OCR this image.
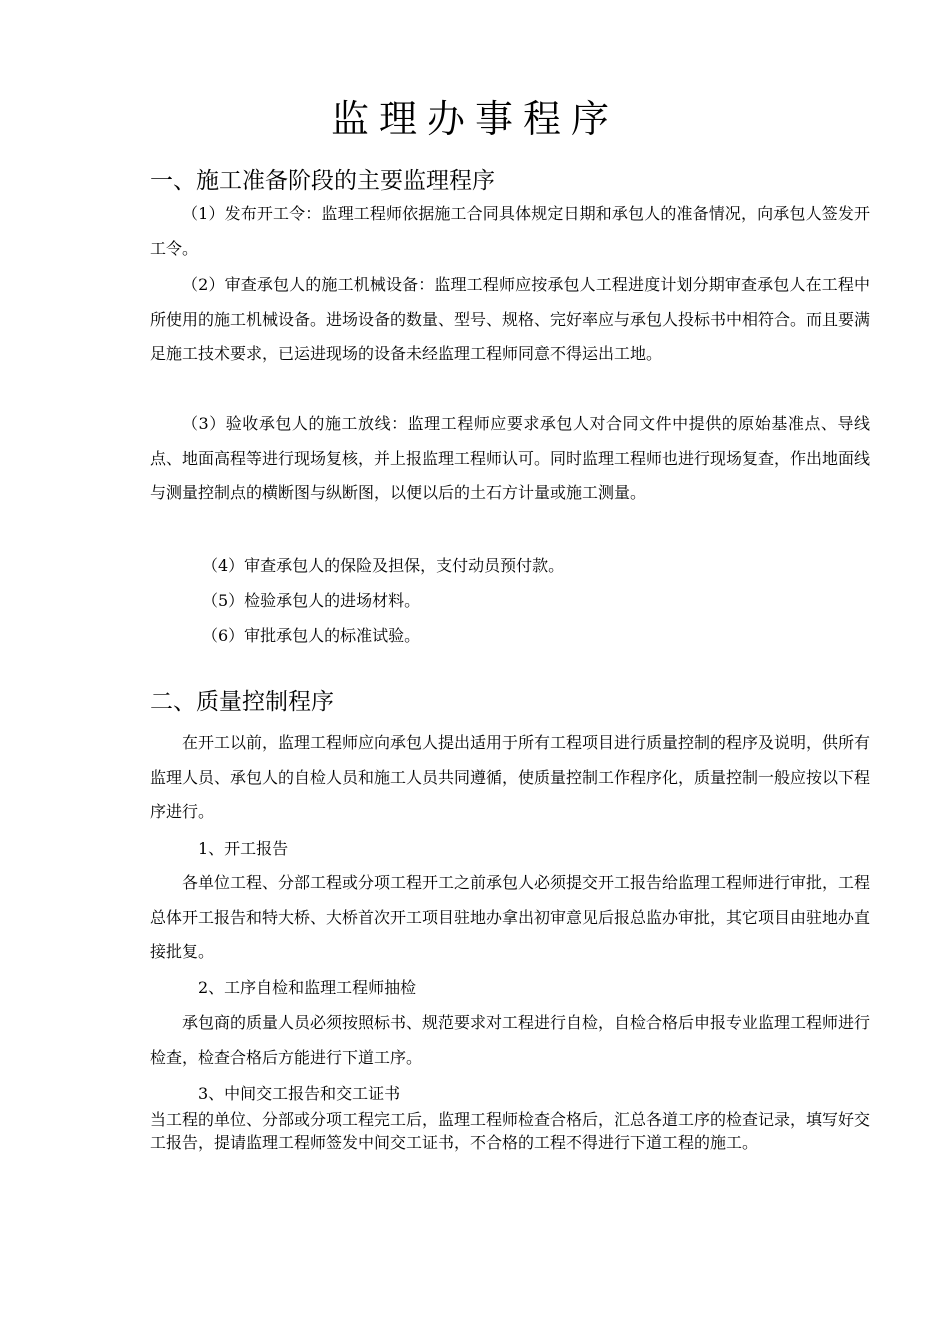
监理办事程序
一、施工准备阶段的主要监理程序

（1）发布开工令：监理工程师依据施工合同具体规定日期和承包人的准备情况，向承包人签发开工令。

（2）审查承包人的施工机械设备：监理工程师应按承包人工程进度计划分期审查承包人在工程中所使用的施工机械设备。进场设备的数量、型号、规格、完好率应与承包人投标书中相符合。而且要满足施工技术要求，已运进现场的设备未经监理工程师同意不得运出工地。

（3）验收承包人的施工放线：监理工程师应要求承包人对合同文件中提供的原始基准点、导线点、地面高程等进行现场复核，并上报监理工程师认可。同时监理工程师也进行现场复查，作出地面线与测量控制点的横断图与纵断图，以便以后的土石方计量或施工测量。

（4）审查承包人的保险及担保，支付动员预付款。
（5）检验承包人的进场材料。
（6）审批承包人的标准试验。
二、质量控制程序

在开工以前，监理工程师应向承包人提出适用于所有工程项目进行质量控制的程序及说明，供所有监理人员、承包人的自检人员和施工人员共同遵循，使质量控制工作程序化，质量控制一般应按以下程序进行。

1、开工报告

各单位工程、分部工程或分项工程开工之前承包人必须提交开工报告给监理工程师进行审批，工程总体开工报告和特大桥、大桥首次开工项目驻地办拿出初审意见后报总监办审批，其它项目由驻地办直接批复。

2、工序自检和监理工程师抽检

承包商的质量人员必须按照标书、规范要求对工程进行自检，自检合格后申报专业监理工程师进行检查，检查合格后方能进行下道工序。

3、中间交工报告和交工证书

当工程的单位、分部或分项工程完工后，监理工程师检查合格后，汇总各道工序的检查记录，填写好交工报告，提请监理工程师签发中间交工证书，不合格的工程不得进行下道工程的施工。
